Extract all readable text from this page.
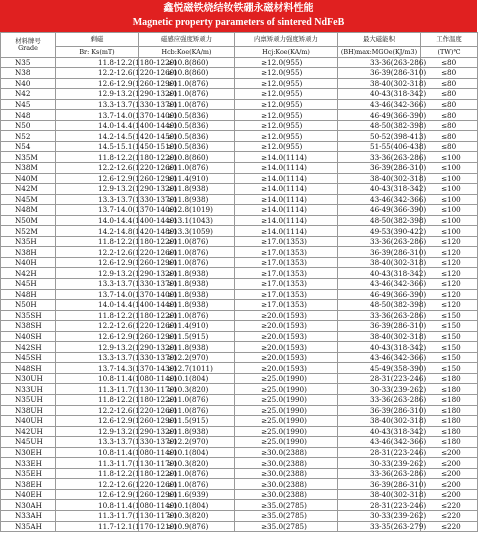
鑫悦磁铁烧结钕铁硼永磁材料性能
Magnetic property parameters of sintered NdFeB
材料牌号
Grade	剩磁	磁感应强度矫顽力	内禀矫顽力强度矫顽力	最大磁能积	工作温度
	Br: Ks(mT)	Hcb:Koe(KA/m)	Hcj:Koe(KA/m)	(BH)max:MGOe(KJ/m3)	(TW)℃
N35	11.8-12.2(1180-1220)	≥10.8(860)	≥12.0(955)	33-36(263-286)	≤80
N38	12.2-12.6(1220-1260)	≥10.8(860)	≥12.0(955)	36-39(286-310)	≤80
N40	12.6-12.9(1260-1290)	≥11.0(876)	≥12.0(955)	38-40(302-318)	≤80
N42	12.9-13.2(1290-1320)	≥11.0(876)	≥12.0(955)	40-43(318-342)	≤80
N45	13.3-13.7(1330-1370)	≥11.0(876)	≥12.0(955)	43-46(342-366)	≤80
N48	13.7-14.0(1370-1400)	≥10.5(836)	≥12.0(955)	46-49(366-390)	≤80
N50	14.0-14.4(1400-1440)	≥10.5(836)	≥12.0(955)	48-50(382-398)	≤80
N52	14.2-14.5(1420-1450)	≥10.5(836)	≥12.0(955)	50-52(398-413)	≤80
N54	14.5-15.1(1450-1510)	≥10.5(836)	≥12.0(955)	51-55(406-438)	≤80
N35M	11.8-12.2(1180-1220)	≥10.8(860)	≥14.0(1114)	33-36(263-286)	≤100
N38M	12.2-12.6(1220-1260)	≥11.0(876)	≥14.0(1114)	36-39(286-310)	≤100
N40M	12.6-12.9(1260-1290)	≥11.4(910)	≥14.0(1114)	38-40(302-318)	≤100
N42M	12.9-13.2(1290-1320)	≥11.8(938)	≥14.0(1114)	40-43(318-342)	≤100
N45M	13.3-13.7(1330-1370)	≥11.8(938)	≥14.0(1114)	43-46(342-366)	≤100
N48M	13.7-14.0(1370-1400)	≥12.8(1019)	≥14.0(1114)	46-49(366-390)	≤100
N50M	14.0-14.4(1400-1440)	≥13.1(1043)	≥14.0(1114)	48-50(382-398)	≤100
N52M	14.2-14.8(1420-1480)	≥13.3(1059)	≥14.0(1114)	49-53(390-422)	≤100
N35H	11.8-12.2(1180-1220)	≥11.0(876)	≥17.0(1353)	33-36(263-286)	≤120
N38H	12.2-12.6(1220-1260)	≥11.0(876)	≥17.0(1353)	36-39(286-310)	≤120
N40H	12.6-12.9(1260-1290)	≥11.0(876)	≥17.0(1353)	38-40(302-318)	≤120
N42H	12.9-13.2(1290-1320)	≥11.8(938)	≥17.0(1353)	40-43(318-342)	≤120
N45H	13.3-13.7(1330-1370)	≥11.8(938)	≥17.0(1353)	43-46(342-366)	≤120
N48H	13.7-14.0(1370-1400)	≥11.8(938)	≥17.0(1353)	46-49(366-390)	≤120
N50H	14.0-14.4(1400-1440)	≥11.8(938)	≥17.0(1353)	48-50(382-398)	≤120
N35SH	11.8-12.2(1180-1220)	≥11.0(876)	≥20.0(1593)	33-36(263-286)	≤150
N38SH	12.2-12.6(1220-1260)	≥11.4(910)	≥20.0(1593)	36-39(286-310)	≤150
N40SH	12.6-12.9(1260-1290)	≥11.5(915)	≥20.0(1593)	38-40(302-318)	≤150
N42SH	12.9-13.2(1290-1320)	≥11.8(938)	≥20.0(1593)	40-43(318-342)	≤150
N45SH	13.3-13.7(1330-1370)	≥12.2(970)	≥20.0(1593)	43-46(342-366)	≤150
N48SH	13.7-14.3(1370-1430)	≥12.7(1011)	≥20.0(1593)	45-49(358-390)	≤150
N30UH	10.8-11.4(1080-1140)	≥10.1(804)	≥25.0(1990)	28-31(223-246)	≤180
N33UH	11.3-11.7(1130-1170)	≥10.3(820)	≥25.0(1990)	30-33(239-262)	≤180
N35UH	11.8-12.2(1180-1220)	≥11.0(876)	≥25.0(1990)	33-36(263-286)	≤180
N38UH	12.2-12.6(1220-1260)	≥11.0(876)	≥25.0(1990)	36-39(286-310)	≤180
N40UH	12.6-12.9(1260-1290)	≥11.5(915)	≥25.0(1990)	38-40(302-318)	≤180
N42UH	12.9-13.2(1290-1320)	≥11.8(938)	≥25.0(1990)	40-43(318-342)	≤180
N45UH	13.3-13.7(1330-1370)	≥12.2(970)	≥25.0(1990)	43-46(342-366)	≤180
N30EH	10.8-11.4(1080-1140)	≥10.1(804)	≥30.0(2388)	28-31(223-246)	≤200
N33EH	11.3-11.7(1130-1170)	≥10.3(820)	≥30.0(2388)	30-33(239-262)	≤200
N35EH	11.8-12.2(1180-1220)	≥11.0(876)	≥30.0(2388)	33-36(263-286)	≤200
N38EH	12.2-12.6(1220-1260)	≥11.0(876)	≥30.0(2388)	36-39(286-310)	≤200
N40EH	12.6-12.9(1260-1290)	≥11.6(939)	≥30.0(2388)	38-40(302-318)	≤200
N30AH	10.8-11.4(1080-1140)	≥10.1(804)	≥35.0(2785)	28-31(223-246)	≤220
N33AH	11.3-11.7(1130-1170)	≥10.3(820)	≥35.0(2785)	30-33(239-262)	≤220
N35AH	11.7-12.1(1170-1210)	≥10.9(876)	≥35.0(2785)	33-35(263-279)	≤220
